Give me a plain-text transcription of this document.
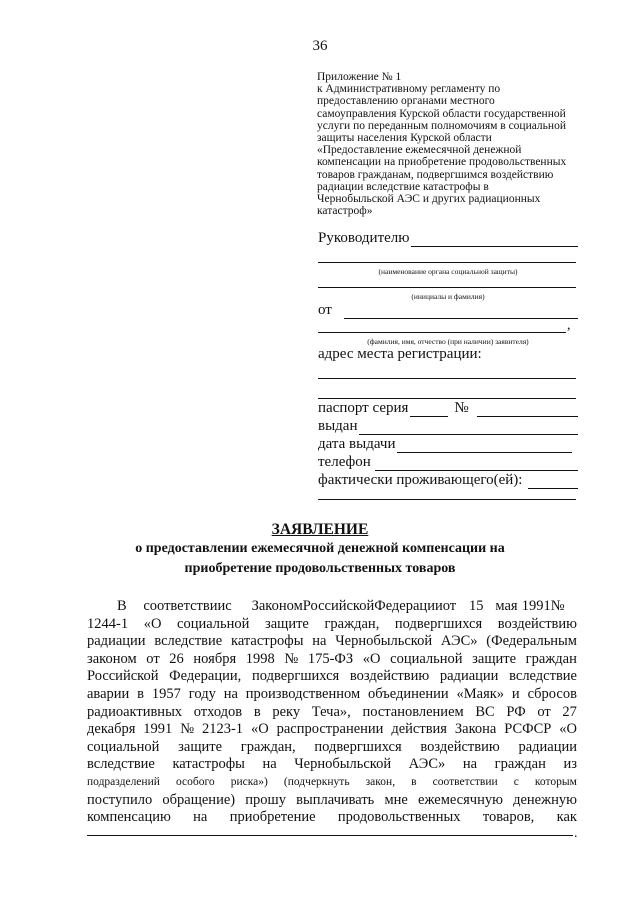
36
Приложение № 1
к Административному регламенту по
предоставлению органами местного
самоуправления Курской области государственной
услуги по переданным полномочиям в социальной
защиты населения Курской области
«Предоставление ежемесячной денежной
компенсации на приобретение продовольственных
товаров гражданам, подвергшимся воздействию
радиации вследствие катастрофы в
Чернобыльской АЭС и других радиационных
катастроф»
Руководителю
(наименование органа социальной защиты)
(инициалы и фамилия)
от
,
(фамилия, имя, отчество (при наличии) заявителя)
адрес места регистрации:
паспорт серия	№
выдан
дата выдачи
телефон
фактически проживающего(ей):
ЗАЯВЛЕНИЕ
о предоставлении ежемесячной денежной компенсации на
приобретение продовольственных товаров
В	соответствии с	Законом Российской Федерации от 15 мая 1991 №
1244-1 «О социальной защите граждан, подвергшихся воздействию
радиации вследствие катастрофы на Чернобыльской АЭС» (Федеральным
законом от 26 ноября 1998 № 175-ФЗ «О социальной защите граждан
Российской Федерации, подвергшихся воздействию радиации вследствие
аварии в 1957 году на производственном объединении «Маяк» и сбросов
радиоактивных отходов в реку Теча», постановлением ВС РФ от 27
декабря 1991 № 2123-1 «О распространении действия Закона РСФСР «О
социальной защите граждан, подвергшихся воздействию радиации
вследствие катастрофы на Чернобыльской АЭС» на граждан из
подразделений особого риска») (подчеркнуть закон, в соответствии с которым
поступило обращение) прошу выплачивать мне ежемесячную денежную
компенсацию на приобретение продовольственных товаров, как
.
